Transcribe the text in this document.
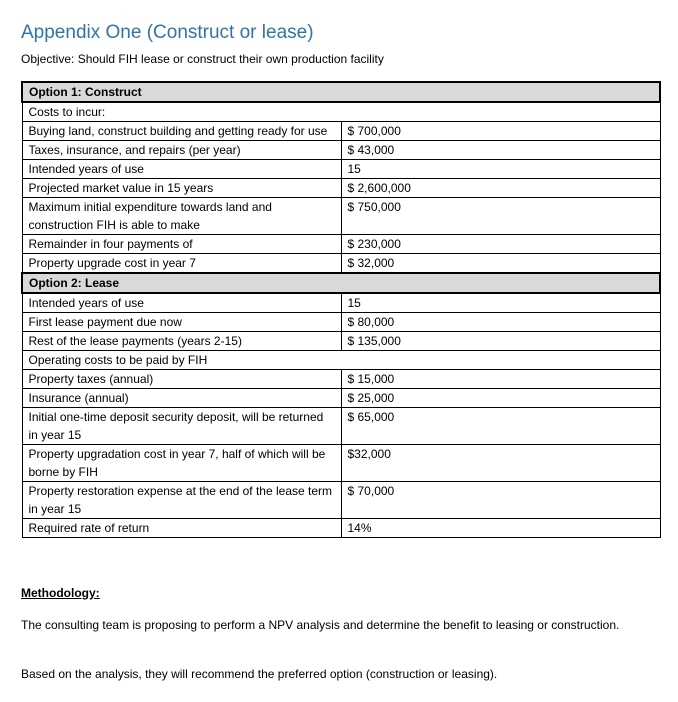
Appendix One (Construct or lease)
Objective: Should FIH lease or construct their own production facility
Option 1: Construct	
Costs to incur:	
Buying land, construct building and getting ready for use	$ 700,000
Taxes, insurance, and repairs (per year)	$ 43,000
Intended years of use	15
Projected market value in 15 years	$ 2,600,000
Maximum initial expenditure towards land and construction FIH is able to make	$ 750,000
Remainder in four payments of	$ 230,000
Property upgrade cost in year 7	$ 32,000
Option 2: Lease	
Intended years of use	15
First lease payment due now	$ 80,000
Rest of the lease payments (years 2-15)	$ 135,000
Operating costs to be paid by FIH	
Property taxes (annual)	$ 15,000
Insurance (annual)	$ 25,000
Initial one-time deposit security deposit, will be returned in year 15	$ 65,000
Property upgradation cost in year 7, half of which will be borne by FIH	$32,000
Property restoration expense at the end of the lease term in year 15	$ 70,000
Required rate of return	14%
Methodology:
The consulting team is proposing to perform a NPV analysis and determine the benefit to leasing or construction.
Based on the analysis, they will recommend the preferred option (construction or leasing).
